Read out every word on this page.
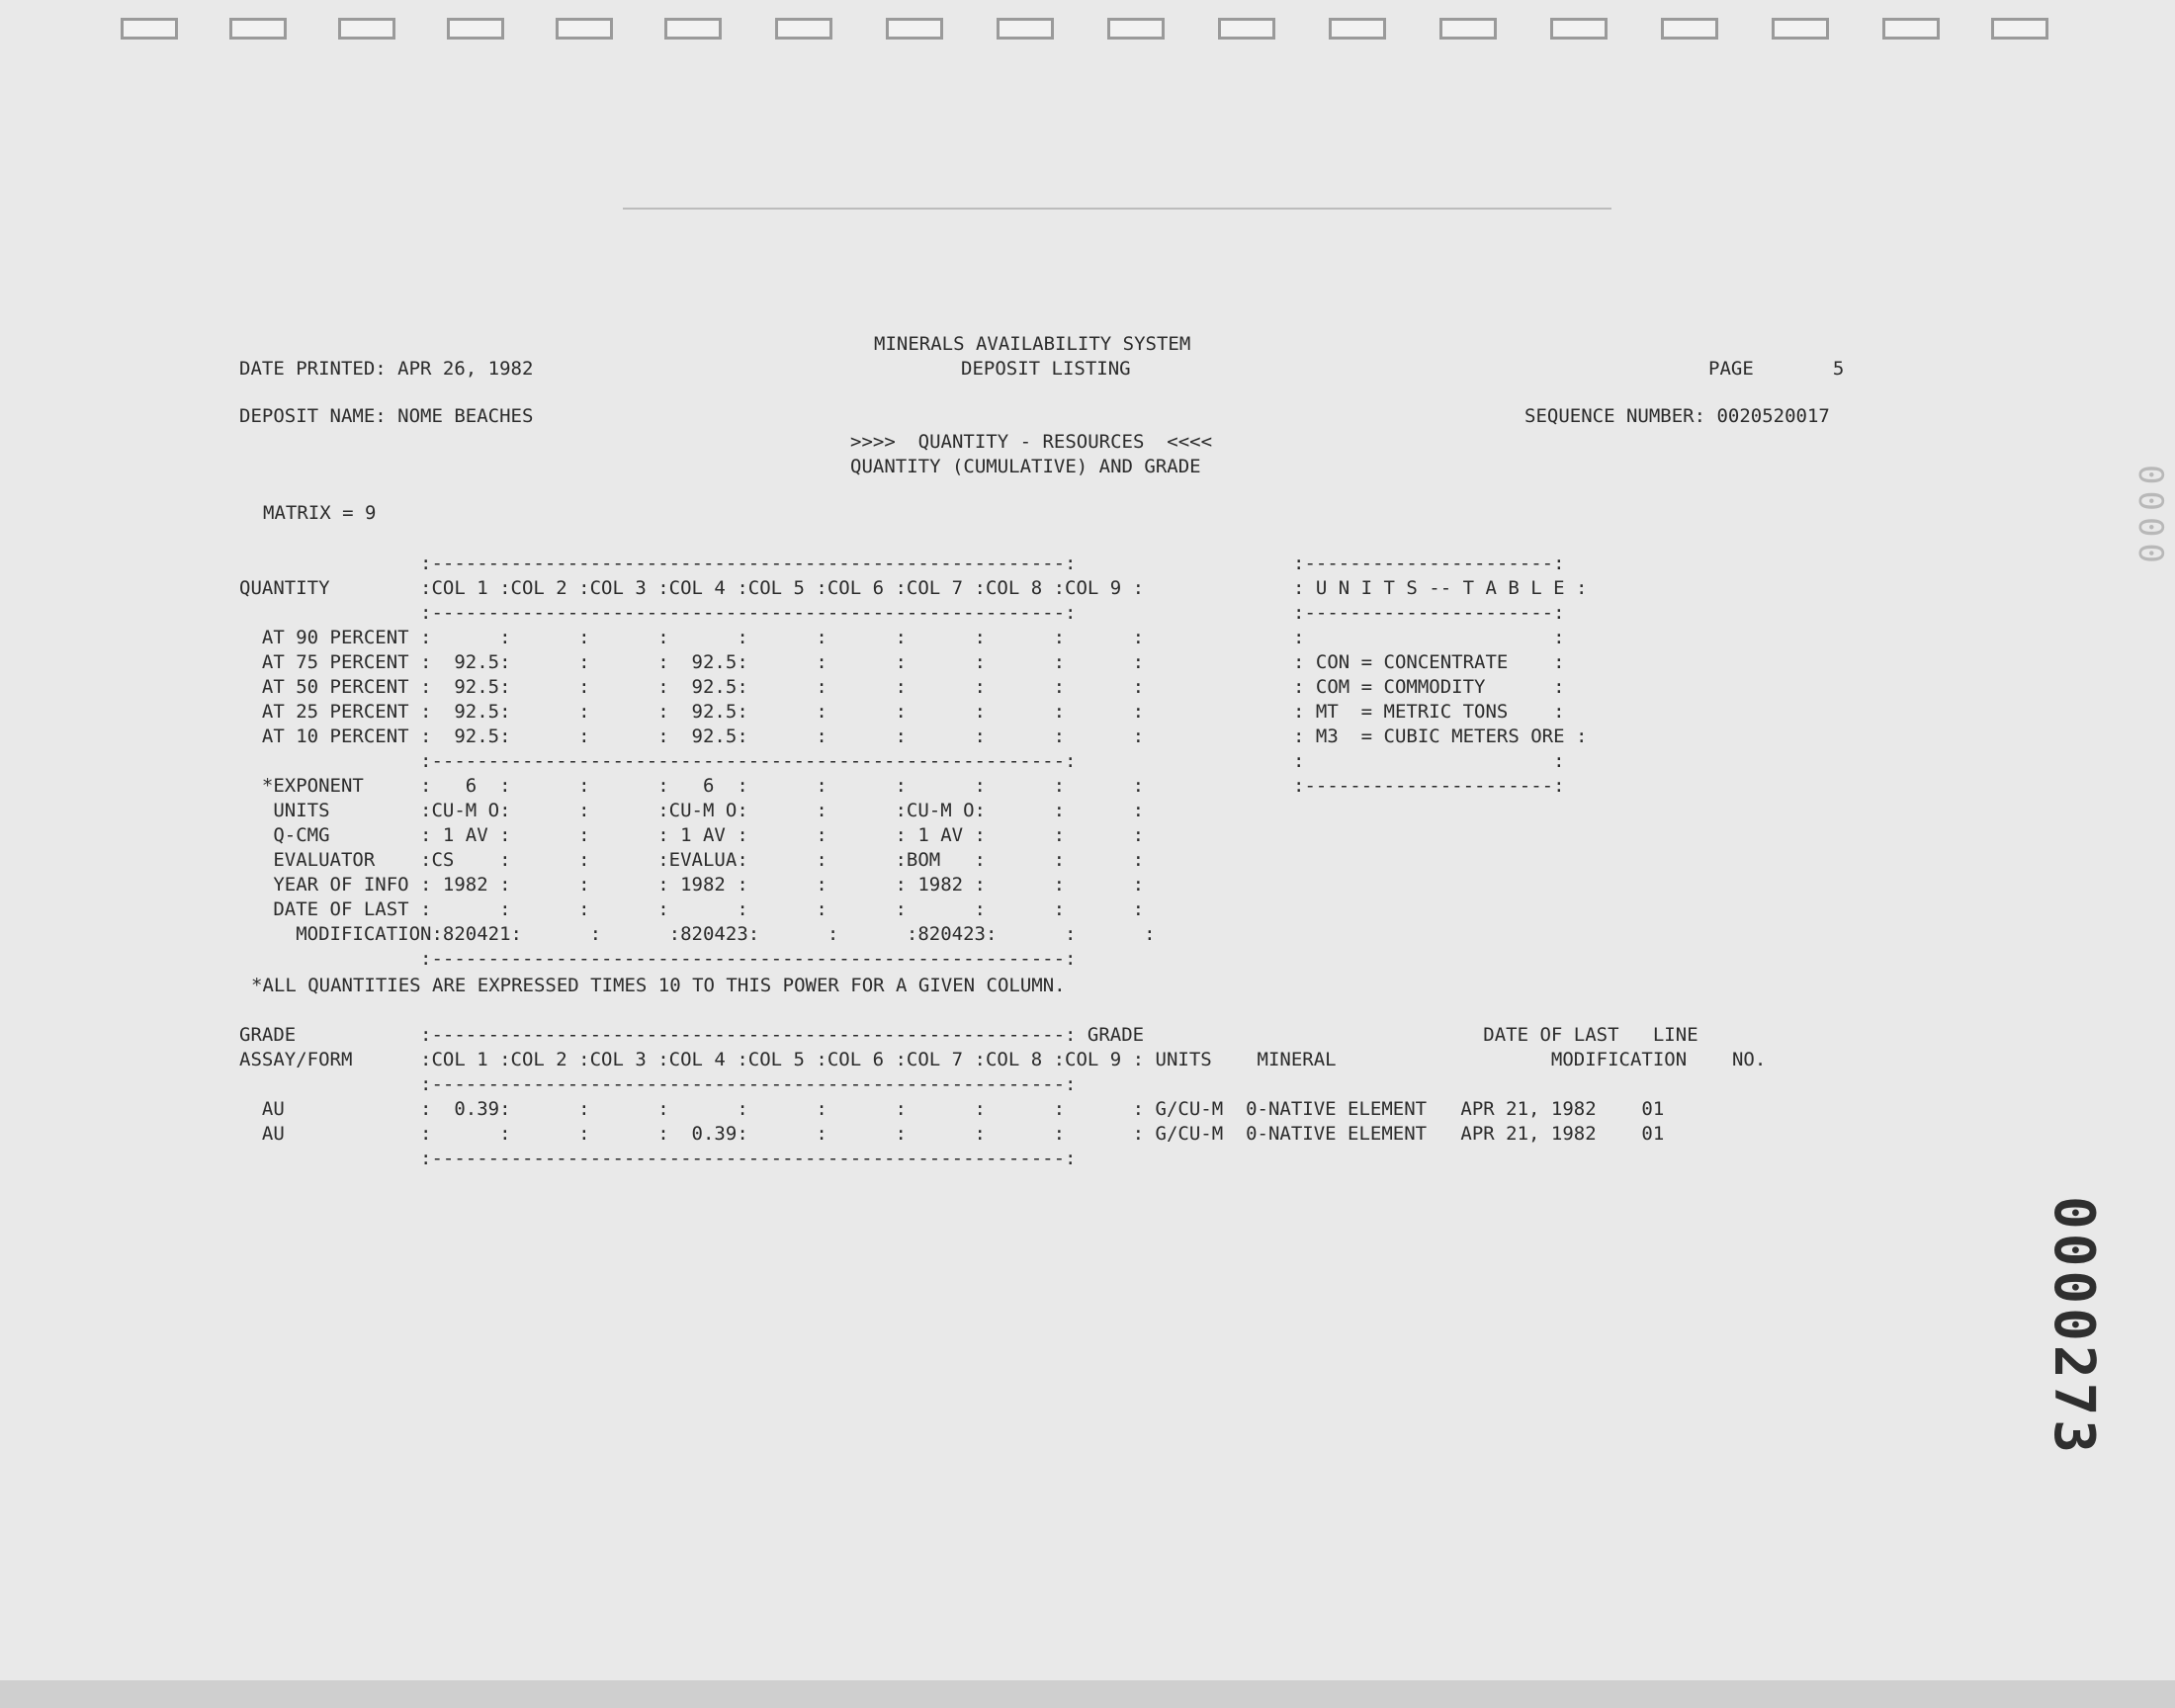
MINERALS AVAILABILITY SYSTEM
DEPOSIT LISTING
DATE PRINTED: APR 26, 1982	PAGE       5
DEPOSIT NAME: NOME BEACHES	SEQUENCE NUMBER: 0020520017
>>>>  QUANTITY - RESOURCES  <<<<
QUANTITY (CUMULATIVE) AND GRADE
MATRIX = 9
:--------------------------------------------------------:
QUANTITY        :COL 1 :COL 2 :COL 3 :COL 4 :COL 5 :COL 6 :COL 7 :COL 8 :COL 9 :
:--------------------------------------------------------:
AT 90 PERCENT :      :      :      :      :      :      :      :      :      :
AT 75 PERCENT :  92.5:      :      :  92.5:      :      :      :      :      :
AT 50 PERCENT :  92.5:      :      :  92.5:      :      :      :      :      :
AT 25 PERCENT :  92.5:      :      :  92.5:      :      :      :      :      :
AT 10 PERCENT :  92.5:      :      :  92.5:      :      :      :      :      :
:--------------------------------------------------------:
*EXPONENT     :   6  :      :      :   6  :      :      :      :      :      :
UNITS        :CU-M O:      :      :CU-M O:      :      :CU-M O:      :      :
Q-CMG        : 1 AV :      :      : 1 AV :      :      : 1 AV :      :      :
EVALUATOR    :CS    :      :      :EVALUA:      :      :BOM   :      :      :
YEAR OF INFO : 1982 :      :      : 1982 :      :      : 1982 :      :      :
DATE OF LAST :      :      :      :      :      :      :      :      :      :
MODIFICATION:820421:      :      :820423:      :      :820423:      :      :
:--------------------------------------------------------:
*ALL QUANTITIES ARE EXPRESSED TIMES 10 TO THIS POWER FOR A GIVEN COLUMN.
:----------------------:
: U N I T S -- T A B L E :
:----------------------:
:                      :
: CON = CONCENTRATE    :
: COM = COMMODITY      :
: MT  = METRIC TONS    :
: M3  = CUBIC METERS ORE :
:                      :
:----------------------:
GRADE           :--------------------------------------------------------: GRADE                              DATE OF LAST   LINE
ASSAY/FORM      :COL 1 :COL 2 :COL 3 :COL 4 :COL 5 :COL 6 :COL 7 :COL 8 :COL 9 : UNITS    MINERAL                   MODIFICATION    NO.
:--------------------------------------------------------:
AU            :  0.39:      :      :      :      :      :      :      :      : G/CU-M  0-NATIVE ELEMENT   APR 21, 1982    01
AU            :      :      :      :  0.39:      :      :      :      :      : G/CU-M  0-NATIVE ELEMENT   APR 21, 1982    01
:--------------------------------------------------------:
0000273
0000
